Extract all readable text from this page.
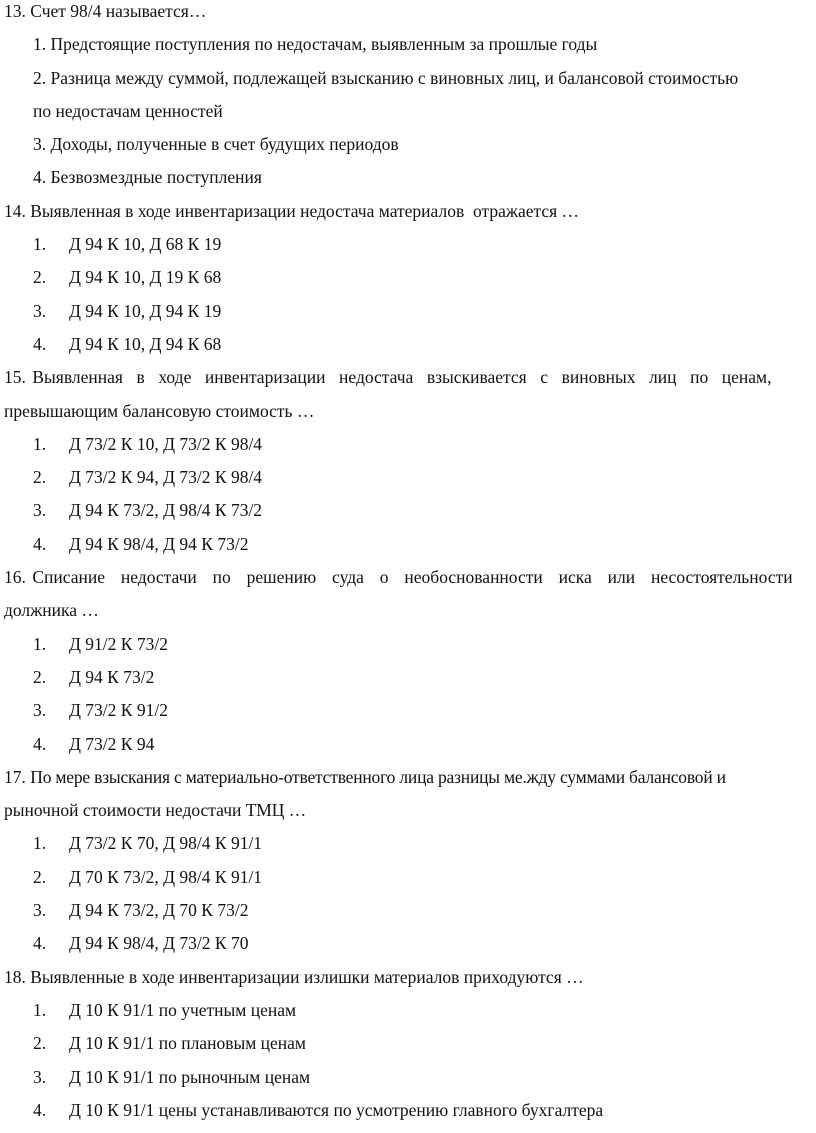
13. Счет 98/4 называется…
1. Предстоящие поступления по недостачам, выявленным за прошлые годы
2. Разница между суммой, подлежащей взысканию с виновных лиц, и балансовой стоимостью
по недостачам ценностей
3. Доходы, полученные в счет будущих периодов
4. Безвозмездные поступления
14. Выявленная в ходе инвентаризации недостача материалов  отражается …
1. Д 94 К 10, Д 68 К 19
2. Д 94 К 10, Д 19 К 68
3. Д 94 К 10, Д 94 К 19
4. Д 94 К 10, Д 94 К 68
15. Выявленная в ходе инвентаризации недостача взыскивается с виновных лиц по ценам,
превышающим балансовую стоимость …
1. Д 73/2 К 10, Д 73/2 К 98/4
2. Д 73/2 К 94, Д 73/2 К 98/4
3. Д 94 К 73/2, Д 98/4 К 73/2
4. Д 94 К 98/4, Д 94 К 73/2
16. Списание недостачи по решению суда о необоснованности иска или несостоятельности
должника …
1. Д 91/2 К 73/2
2. Д 94 К 73/2
3. Д 73/2 К 91/2
4. Д 73/2 К 94
17. По мере взыскания с материально-ответственного лица разницы ме.жду суммами балансовой и
рыночной стоимости недостачи ТМЦ …
1. Д 73/2 К 70, Д 98/4 К 91/1
2. Д 70 К 73/2, Д 98/4 К 91/1
3. Д 94 К 73/2, Д 70 К 73/2
4. Д 94 К 98/4, Д 73/2 К 70
18. Выявленные в ходе инвентаризации излишки материалов приходуются …
1. Д 10 К 91/1 по учетным ценам
2. Д 10 К 91/1 по плановым ценам
3. Д 10 К 91/1 по рыночным ценам
4. Д 10 К 91/1 цены устанавливаются по усмотрению главного бухгалтера
